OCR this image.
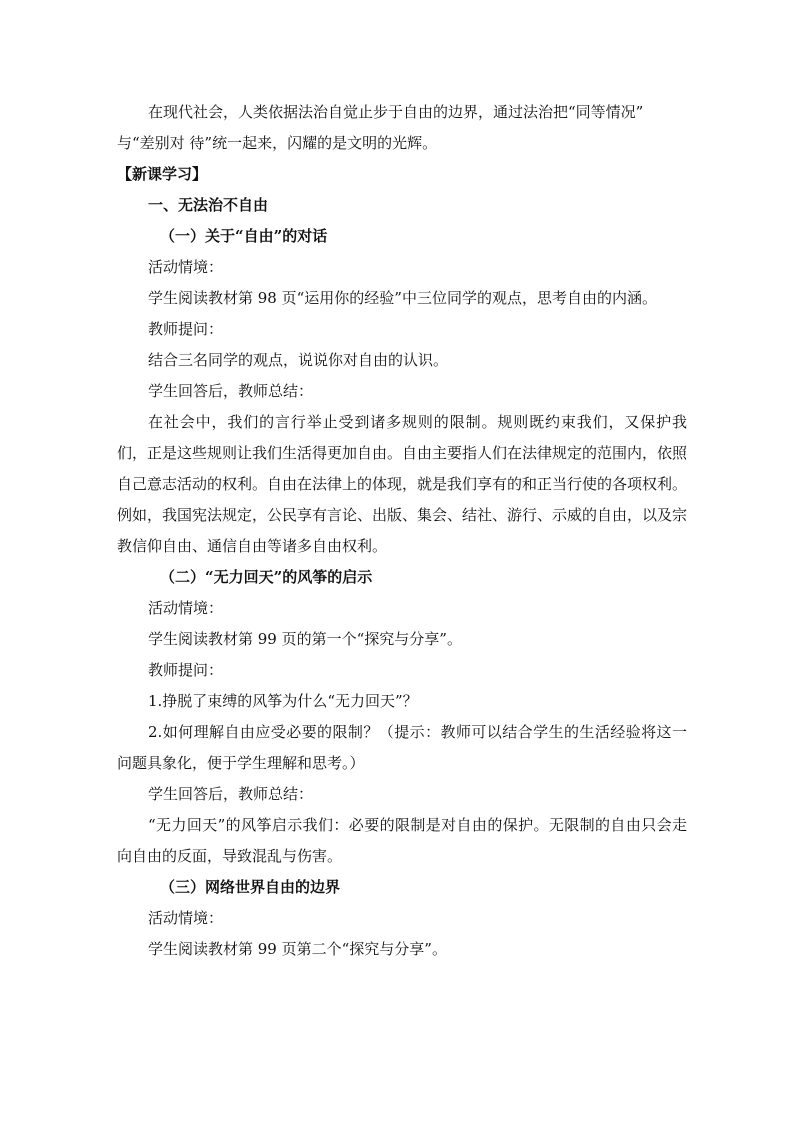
在现代社会，人类依据法治自觉止步于自由的边界，通过法治把“同等情况”

与“差别对 待”统一起来，闪耀的是文明的光辉。

【新课学习】

一、无法治不自由

（一）关于“自由”的对话

活动情境：

学生阅读教材第 98 页“运用你的经验”中三位同学的观点，思考自由的内涵。

教师提问：

结合三名同学的观点，说说你对自由的认识。

学生回答后，教师总结：

在社会中，我们的言行举止受到诸多规则的限制。规则既约束我们，又保护我们，正是这些规则让我们生活得更加自由。自由主要指人们在法律规定的范围内，依照自己意志活动的权利。自由在法律上的体现，就是我们享有的和正当行使的各项权利。例如，我国宪法规定，公民享有言论、出版、集会、结社、游行、示威的自由，以及宗教信仰自由、通信自由等诸多自由权利。

（二）“无力回天”的风筝的启示

活动情境：

学生阅读教材第 99 页的第一个“探究与分享”。

教师提问：

1.挣脱了束缚的风筝为什么“无力回天”？

2.如何理解自由应受必要的限制？（提示：教师可以结合学生的生活经验将这一问题具象化，便于学生理解和思考。）

学生回答后，教师总结：

“无力回天”的风筝启示我们：必要的限制是对自由的保护。无限制的自由只会走向自由的反面，导致混乱与伤害。

（三）网络世界自由的边界

活动情境：

学生阅读教材第 99 页第二个“探究与分享”。
